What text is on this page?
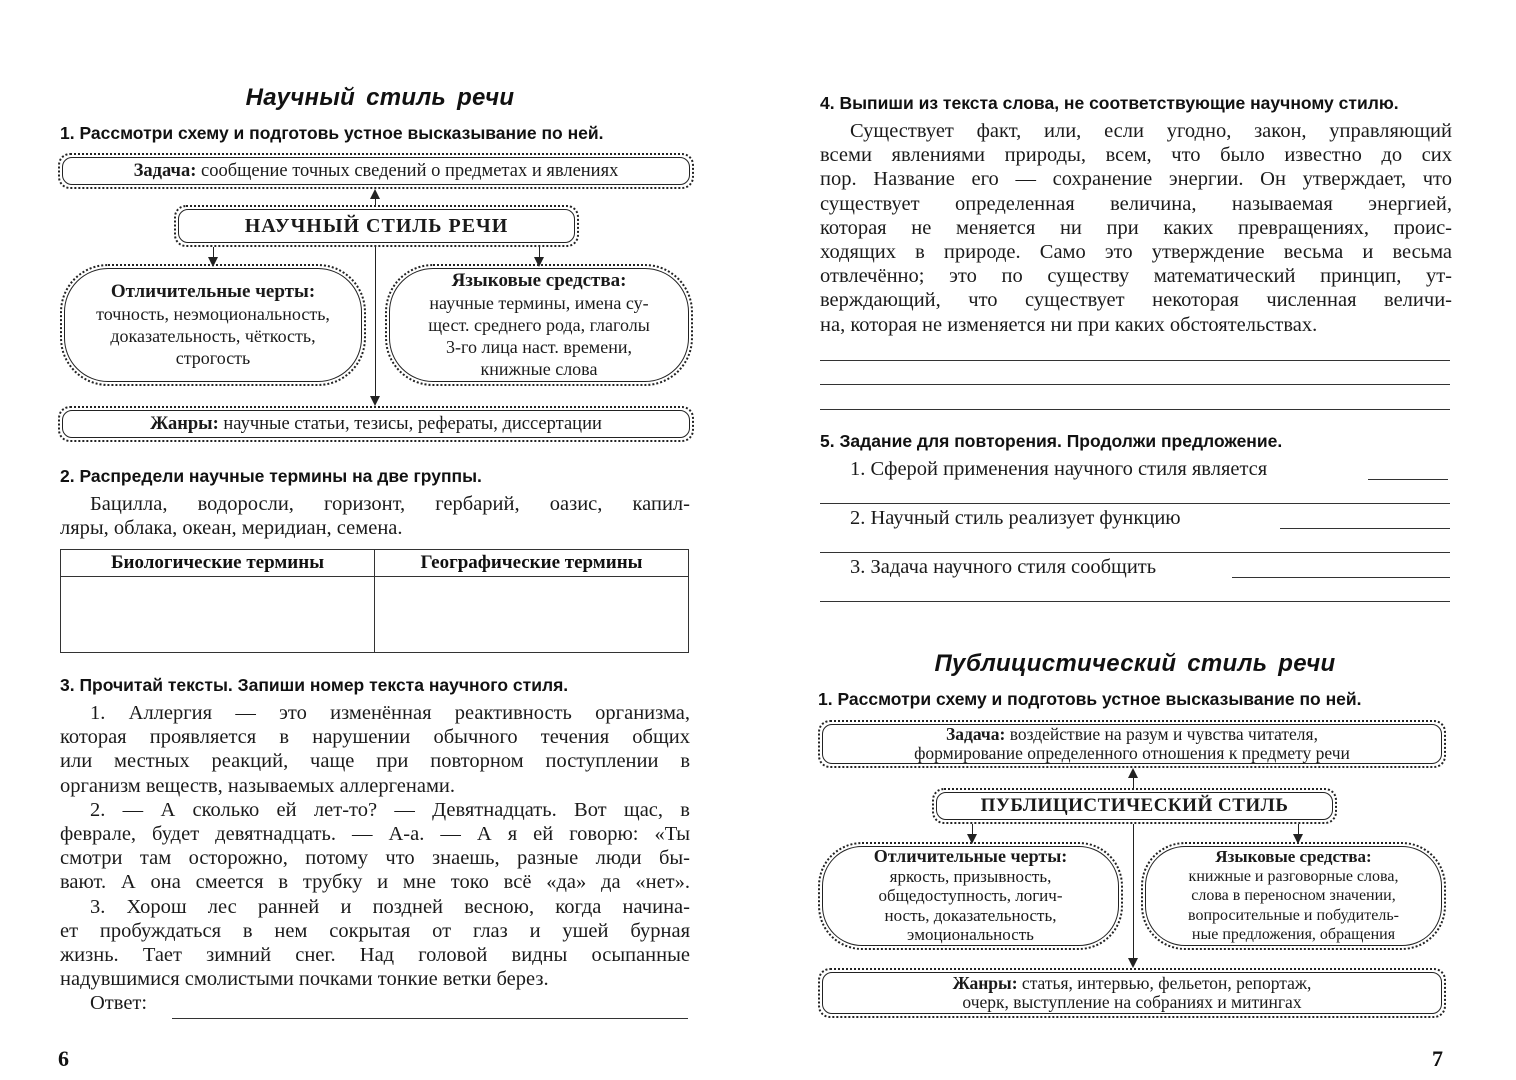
Научный стиль речи
1. Рассмотри схему и подготовь устное высказывание по ней.
Задача:
сообщение точных сведений о предметах и явлениях
НАУЧНЫЙ СТИЛЬ РЕЧИ
Отличительные черты:
точность, неэмоциональность,
доказательность, чёткость,
строгость
Языковые средства:
научные термины, имена су-
щест. среднего рода, глаголы
3-го лица наст. времени,
книжные слова
Жанры:
научные статьи, тезисы, рефераты, диссертации
2. Распредели научные термины на две группы.
Бацилла, водоросли, горизонт, гербарий, оазис, капил-
ляры, облака, океан, меридиан, семена.
Биологические термины	Географические термины

3. Прочитай тексты. Запиши номер текста научного стиля.
1. Аллергия — это изменённая реактивность организма,
которая проявляется в нарушении обычного течения общих
или местных реакций, чаще при повторном поступлении в
организм веществ, называемых аллергенами.
2. — А сколько ей лет-то? — Девятнадцать. Вот щас, в
феврале, будет девятнадцать. — А-а. — А я ей говорю: «Ты
смотри там осторожно, потому что знаешь, разные люди бы-
вают. А она смеется в трубку и мне токо всё «да» да «нет».
3. Хорош лес ранней и поздней весною, когда начина-
ет пробуждаться в нем сокрытая от глаз и ушей бурная
жизнь. Тает зимний снег. Над головой видны осыпанные
надувшимися смолистыми почками тонкие ветки берез.
Ответ:
6
4. Выпиши из текста слова, не соответствующие научному стилю.
Существует факт, или, если угодно, закон, управляющий
всеми явлениями природы, всем, что было известно до сих
пор. Название его — сохранение энергии. Он утверждает, что
существует определенная величина, называемая энергией,
которая не меняется ни при каких превращениях, проис-
ходящих в природе. Само это утверждение весьма и весьма
отвлечённо; это по существу математический принцип, ут-
верждающий, что существует некоторая численная величи-
на, которая не изменяется ни при каких обстоятельствах.
5. Задание для повторения. Продолжи предложение.
1. Сферой применения научного стиля является
2. Научный стиль реализует функцию
3. Задача научного стиля сообщить
Публицистический стиль речи
1. Рассмотри схему и подготовь устное высказывание по ней.
Задача: воздействие на разум и чувства читателя,
формирование определенного отношения к предмету речи
ПУБЛИЦИСТИЧЕСКИЙ СТИЛЬ
Отличительные черты:
яркость, призывность,
общедоступность, логич-
ность, доказательность,
эмоциональность
Языковые средства:
книжные и разговорные слова,
слова в переносном значении,
вопросительные и побудитель-
ные предложения, обращения
Жанры: статья, интервью, фельетон, репортаж,
очерк, выступление на собраниях и митингах
7
